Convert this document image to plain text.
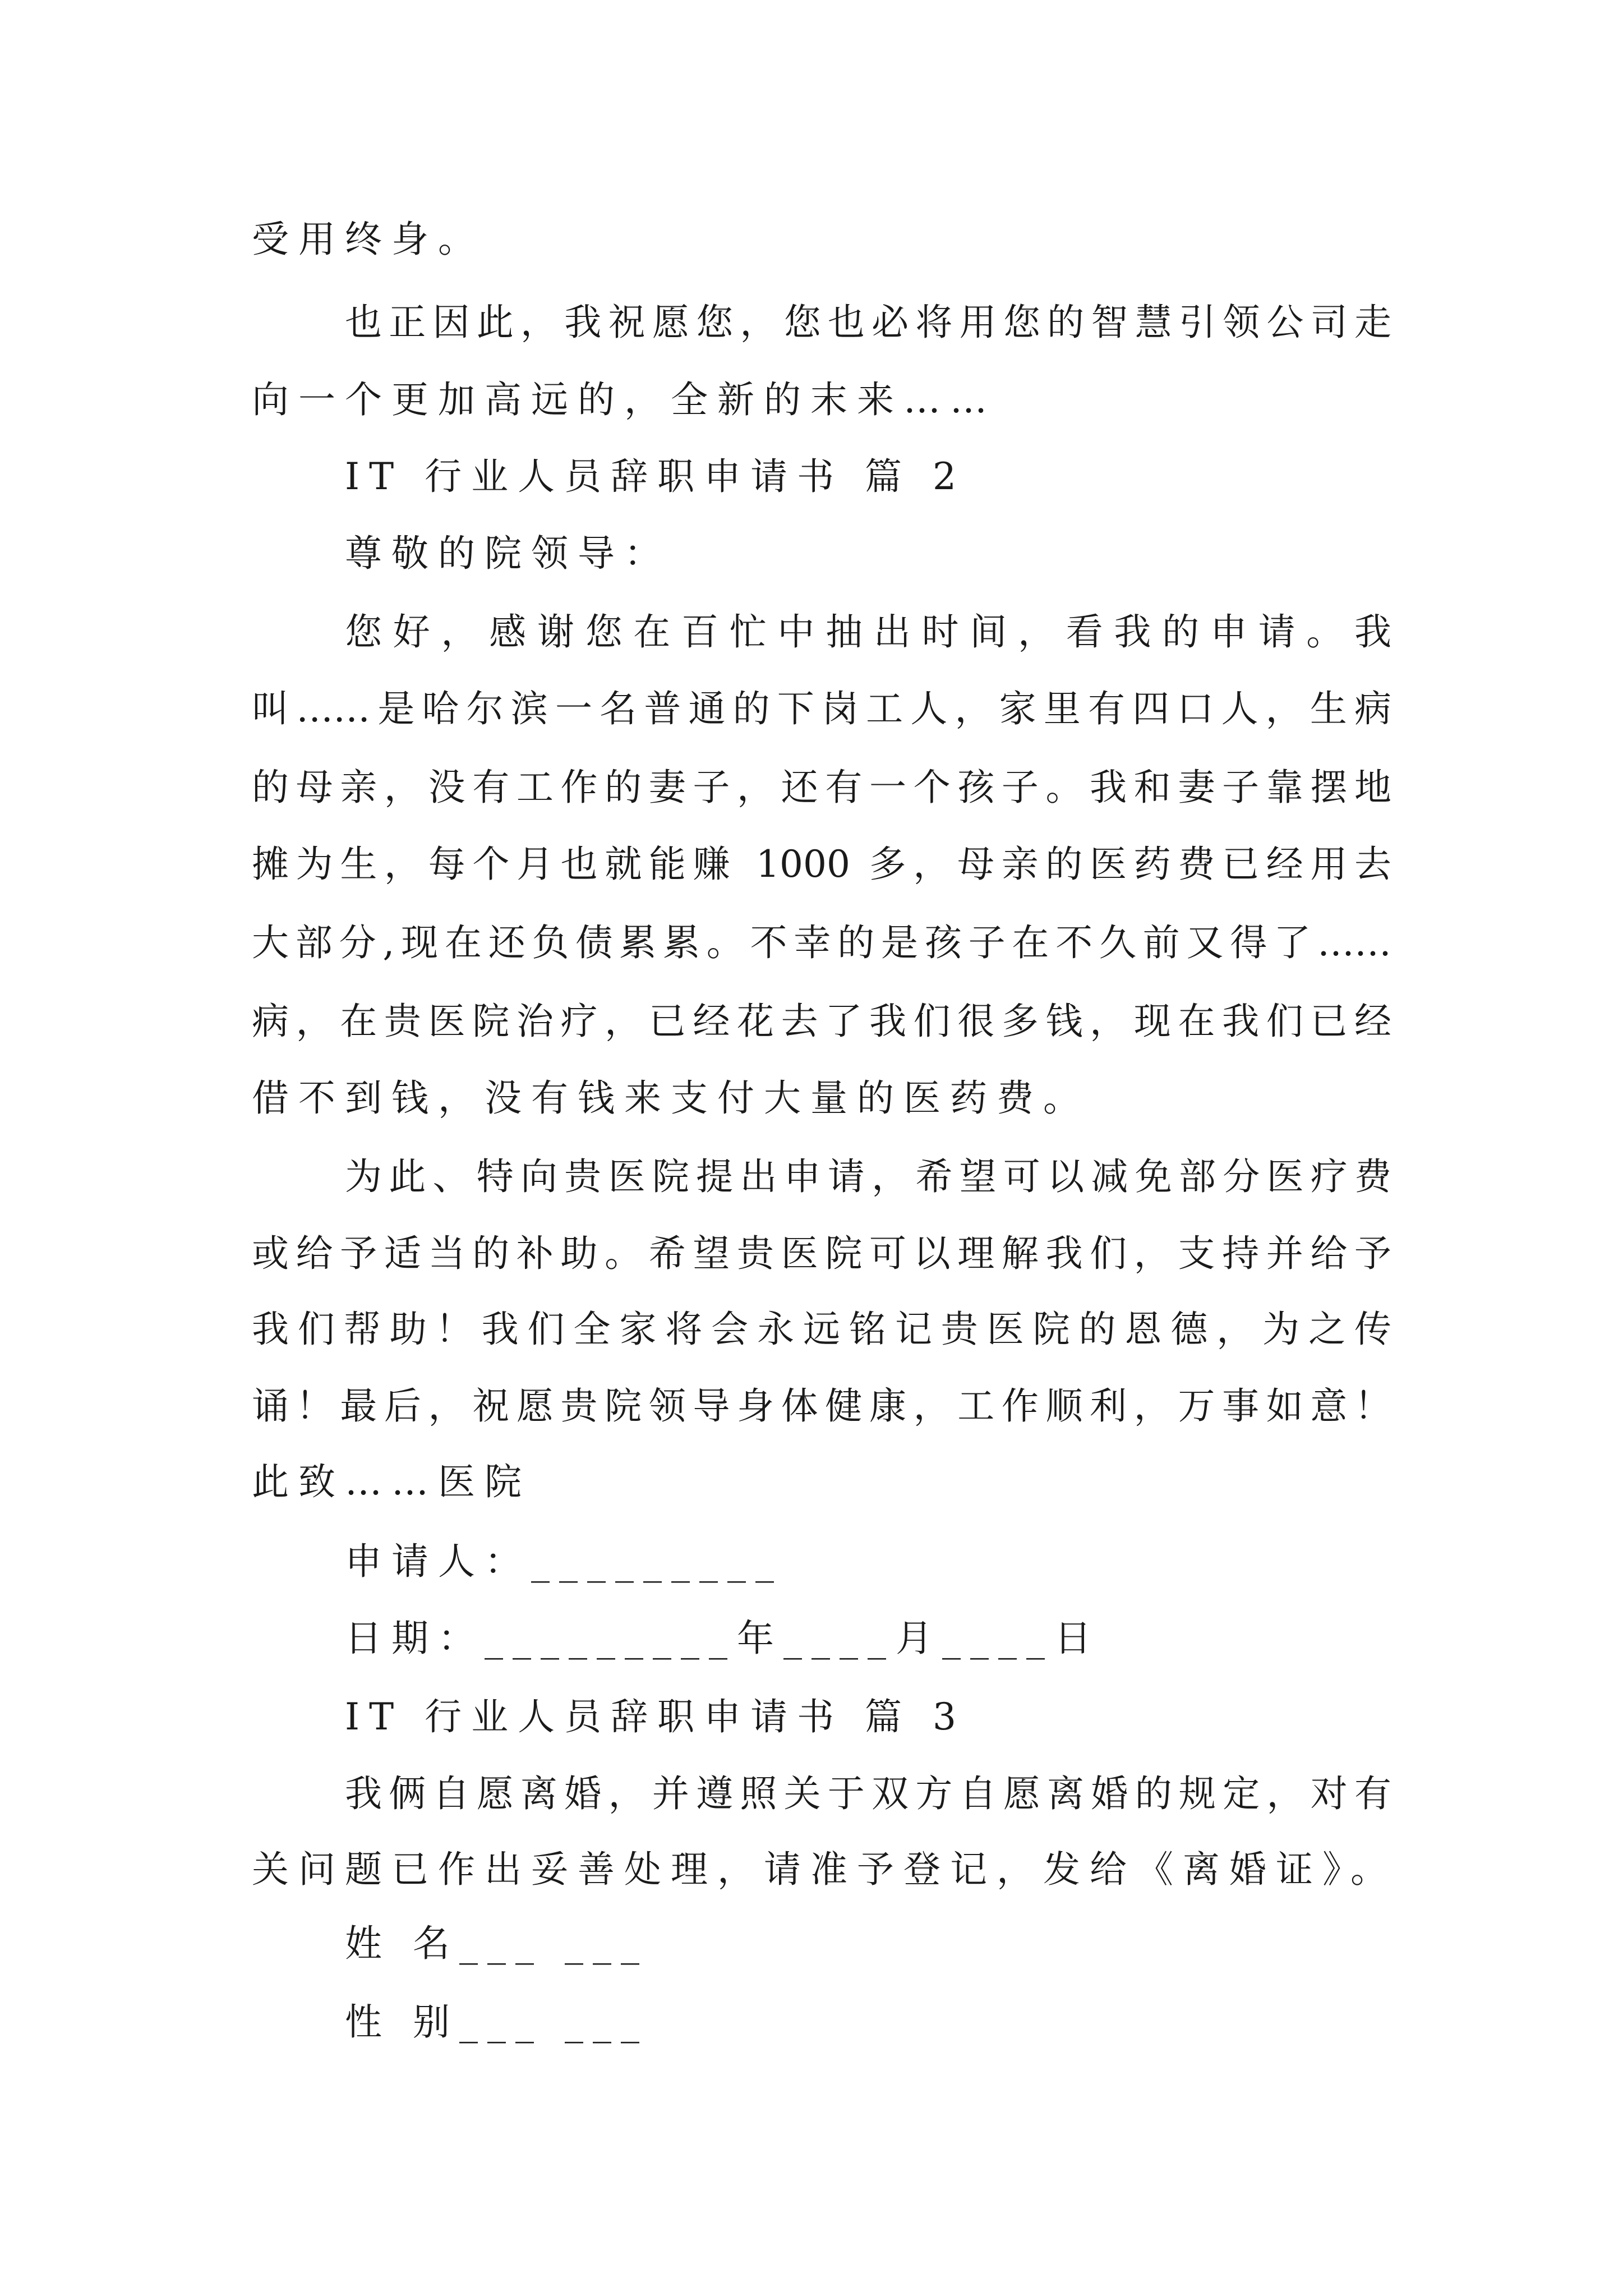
受用终身。
也正因此，我祝愿您，您也必将用您的智慧引领公司走
向一个更加高远的，全新的末来……
IT 行业人员辞职申请书 篇 2
尊敬的院领导：
您好，感谢您在百忙中抽出时间，看我的申请。我
叫……是哈尔滨一名普通的下岗工人，家里有四口人，生病
的母亲，没有工作的妻子，还有一个孩子。我和妻子靠摆地
摊为生，每个月也就能赚 1000 多，母亲的医药费已经用去
大部分,现在还负债累累。不幸的是孩子在不久前又得了……
病，在贵医院治疗，已经花去了我们很多钱，现在我们已经
借不到钱，没有钱来支付大量的医药费。
为此、特向贵医院提出申请，希望可以减免部分医疗费
或给予适当的补助。希望贵医院可以理解我们，支持并给予
我们帮助！我们全家将会永远铭记贵医院的恩德，为之传
诵！最后，祝愿贵院领导身体健康，工作顺利，万事如意！
此致……医院
申请人：_________
日期：_________年____月____日
IT 行业人员辞职申请书 篇 3
我俩自愿离婚，并遵照关于双方自愿离婚的规定，对有
关问题已作出妥善处理，请准予登记，发给《离婚证》。
姓 名___ ___
性 别___ ___
